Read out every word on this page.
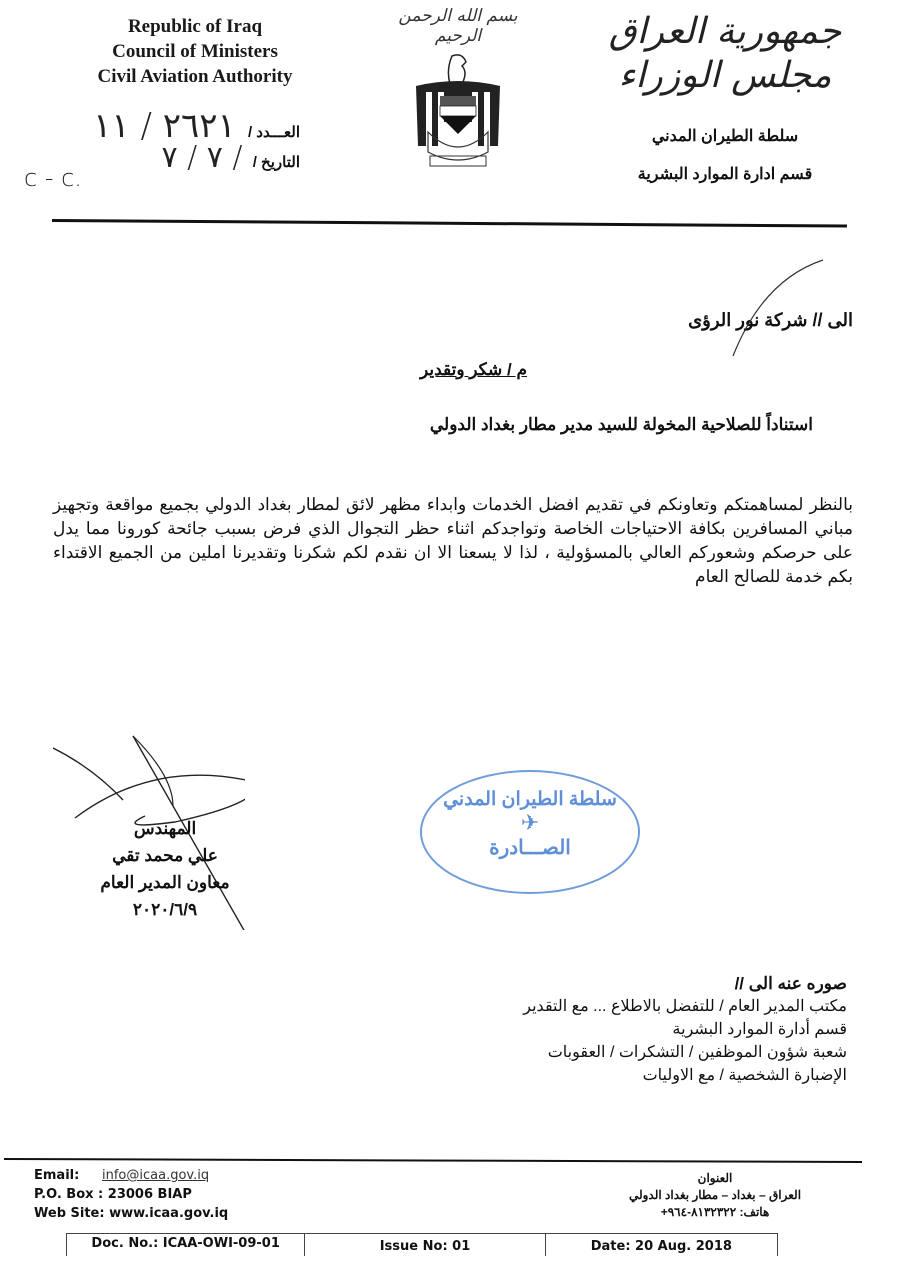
Republic of Iraq
Council of Ministers
Civil Aviation Authority
العـــدد / ٢٦٢١ / ١١
التاريخ / / ٧ / ٧
c - c.
بسم الله الرحمن الرحيم	جمهورية العراق
مجلس الوزراء
سلطة الطيران المدني
قسم ادارة الموارد البشرية
الى // شركة نور الرؤى
م / شكر وتقدير
استناداً للصلاحية المخولة للسيد مدير مطار بغداد الدولي
بالنظر لمساهمتكم وتعاونكم في تقديم افضل الخدمات وابداء مظهر لائق لمطار بغداد الدولي بجميع مواقعة وتجهيز مباني المسافرين بكافة الاحتياجات الخاصة وتواجدكم اثناء حظر التجوال الذي فرض بسبب جائحة كورونا مما يدل على حرصكم وشعوركم العالي بالمسؤولية ، لذا لا يسعنا الا ان نقدم لكم شكرنا وتقديرنا املين من الجميع الاقتداء بكم خدمة للصالح العام
المهندس
علي محمد تقي
معاون المدير العام
٢٠٢٠/٦/٩
سلطة الطيران المدني
✈
الصـــادرة
صوره عنه الى //
مكتب المدير العام / للتفضل بالاطلاع ... مع التقدير
قسم أدارة الموارد البشرية
شعبة شؤون الموظفين / التشكرات / العقوبات
الإضبارة الشخصية / مع الاوليات
Email: info@icaa.gov.iq
P.O. Box : 23006 BIAP
Web Site: www.icaa.gov.iq
العنوان
العراق – بغداد – مطار بغداد الدولي
هاتف: ٨١٣٢٣٢٢-٩٦٤+
Doc. No.: ICAA-OWI-09-01	Issue No: 01	Date: 20 Aug. 2018
